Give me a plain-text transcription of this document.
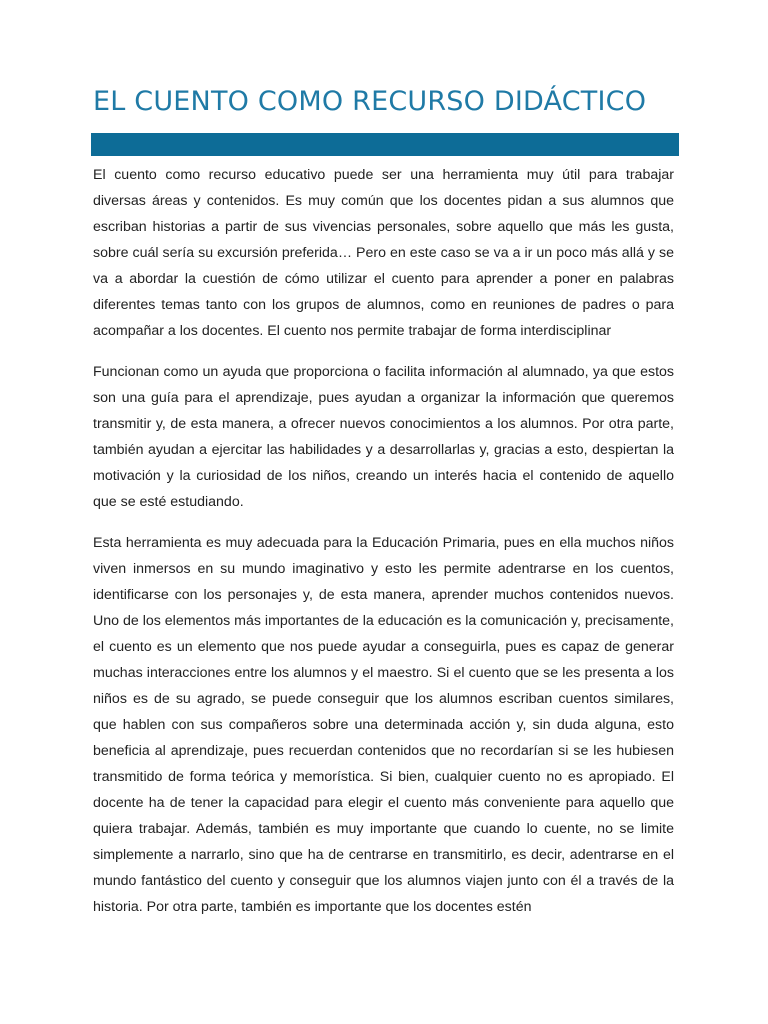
EL CUENTO COMO RECURSO DIDÁCTICO

El cuento como recurso educativo puede ser una herramienta muy útil para trabajar diversas áreas y contenidos. Es muy común que los docentes pidan a sus alumnos que escriban historias a partir de sus vivencias personales, sobre aquello que más les gusta, sobre cuál sería su excursión preferida… Pero en este caso se va a ir un poco más allá y se va a abordar la cuestión de cómo utilizar el cuento para aprender a poner en palabras diferentes temas tanto con los grupos de alumnos, como en reuniones de padres o para acompañar a los docentes. El cuento nos permite trabajar de forma interdisciplinar

Funcionan como un ayuda que proporciona o facilita información al alumnado, ya que estos son una guía para el aprendizaje, pues ayudan a organizar la información que queremos transmitir y, de esta manera, a ofrecer nuevos conocimientos a los alumnos. Por otra parte, también ayudan a ejercitar las habilidades y a desarrollarlas y, gracias a esto, despiertan la motivación y la curiosidad de los niños, creando un interés hacia el contenido de aquello que se esté estudiando.

Esta herramienta es muy adecuada para la Educación Primaria, pues en ella muchos niños viven inmersos en su mundo imaginativo y esto les permite adentrarse en los cuentos, identificarse con los personajes y, de esta manera, aprender muchos contenidos nuevos. Uno de los elementos más importantes de la educación es la comunicación y, precisamente, el cuento es un elemento que nos puede ayudar a conseguirla, pues es capaz de generar muchas interacciones entre los alumnos y el maestro. Si el cuento que se les presenta a los niños es de su agrado, se puede conseguir que los alumnos escriban cuentos similares, que hablen con sus compañeros sobre una determinada acción y, sin duda alguna, esto beneficia al aprendizaje, pues recuerdan contenidos que no recordarían si se les hubiesen transmitido de forma teórica y memorística. Si bien, cualquier cuento no es apropiado. El docente ha de tener la capacidad para elegir el cuento más conveniente para aquello que quiera trabajar. Además, también es muy importante que cuando lo cuente, no se limite simplemente a narrarlo, sino que ha de centrarse en transmitirlo, es decir, adentrarse en el mundo fantástico del cuento y conseguir que los alumnos viajen junto con él a través de la historia. Por otra parte, también es importante que los docentes estén
